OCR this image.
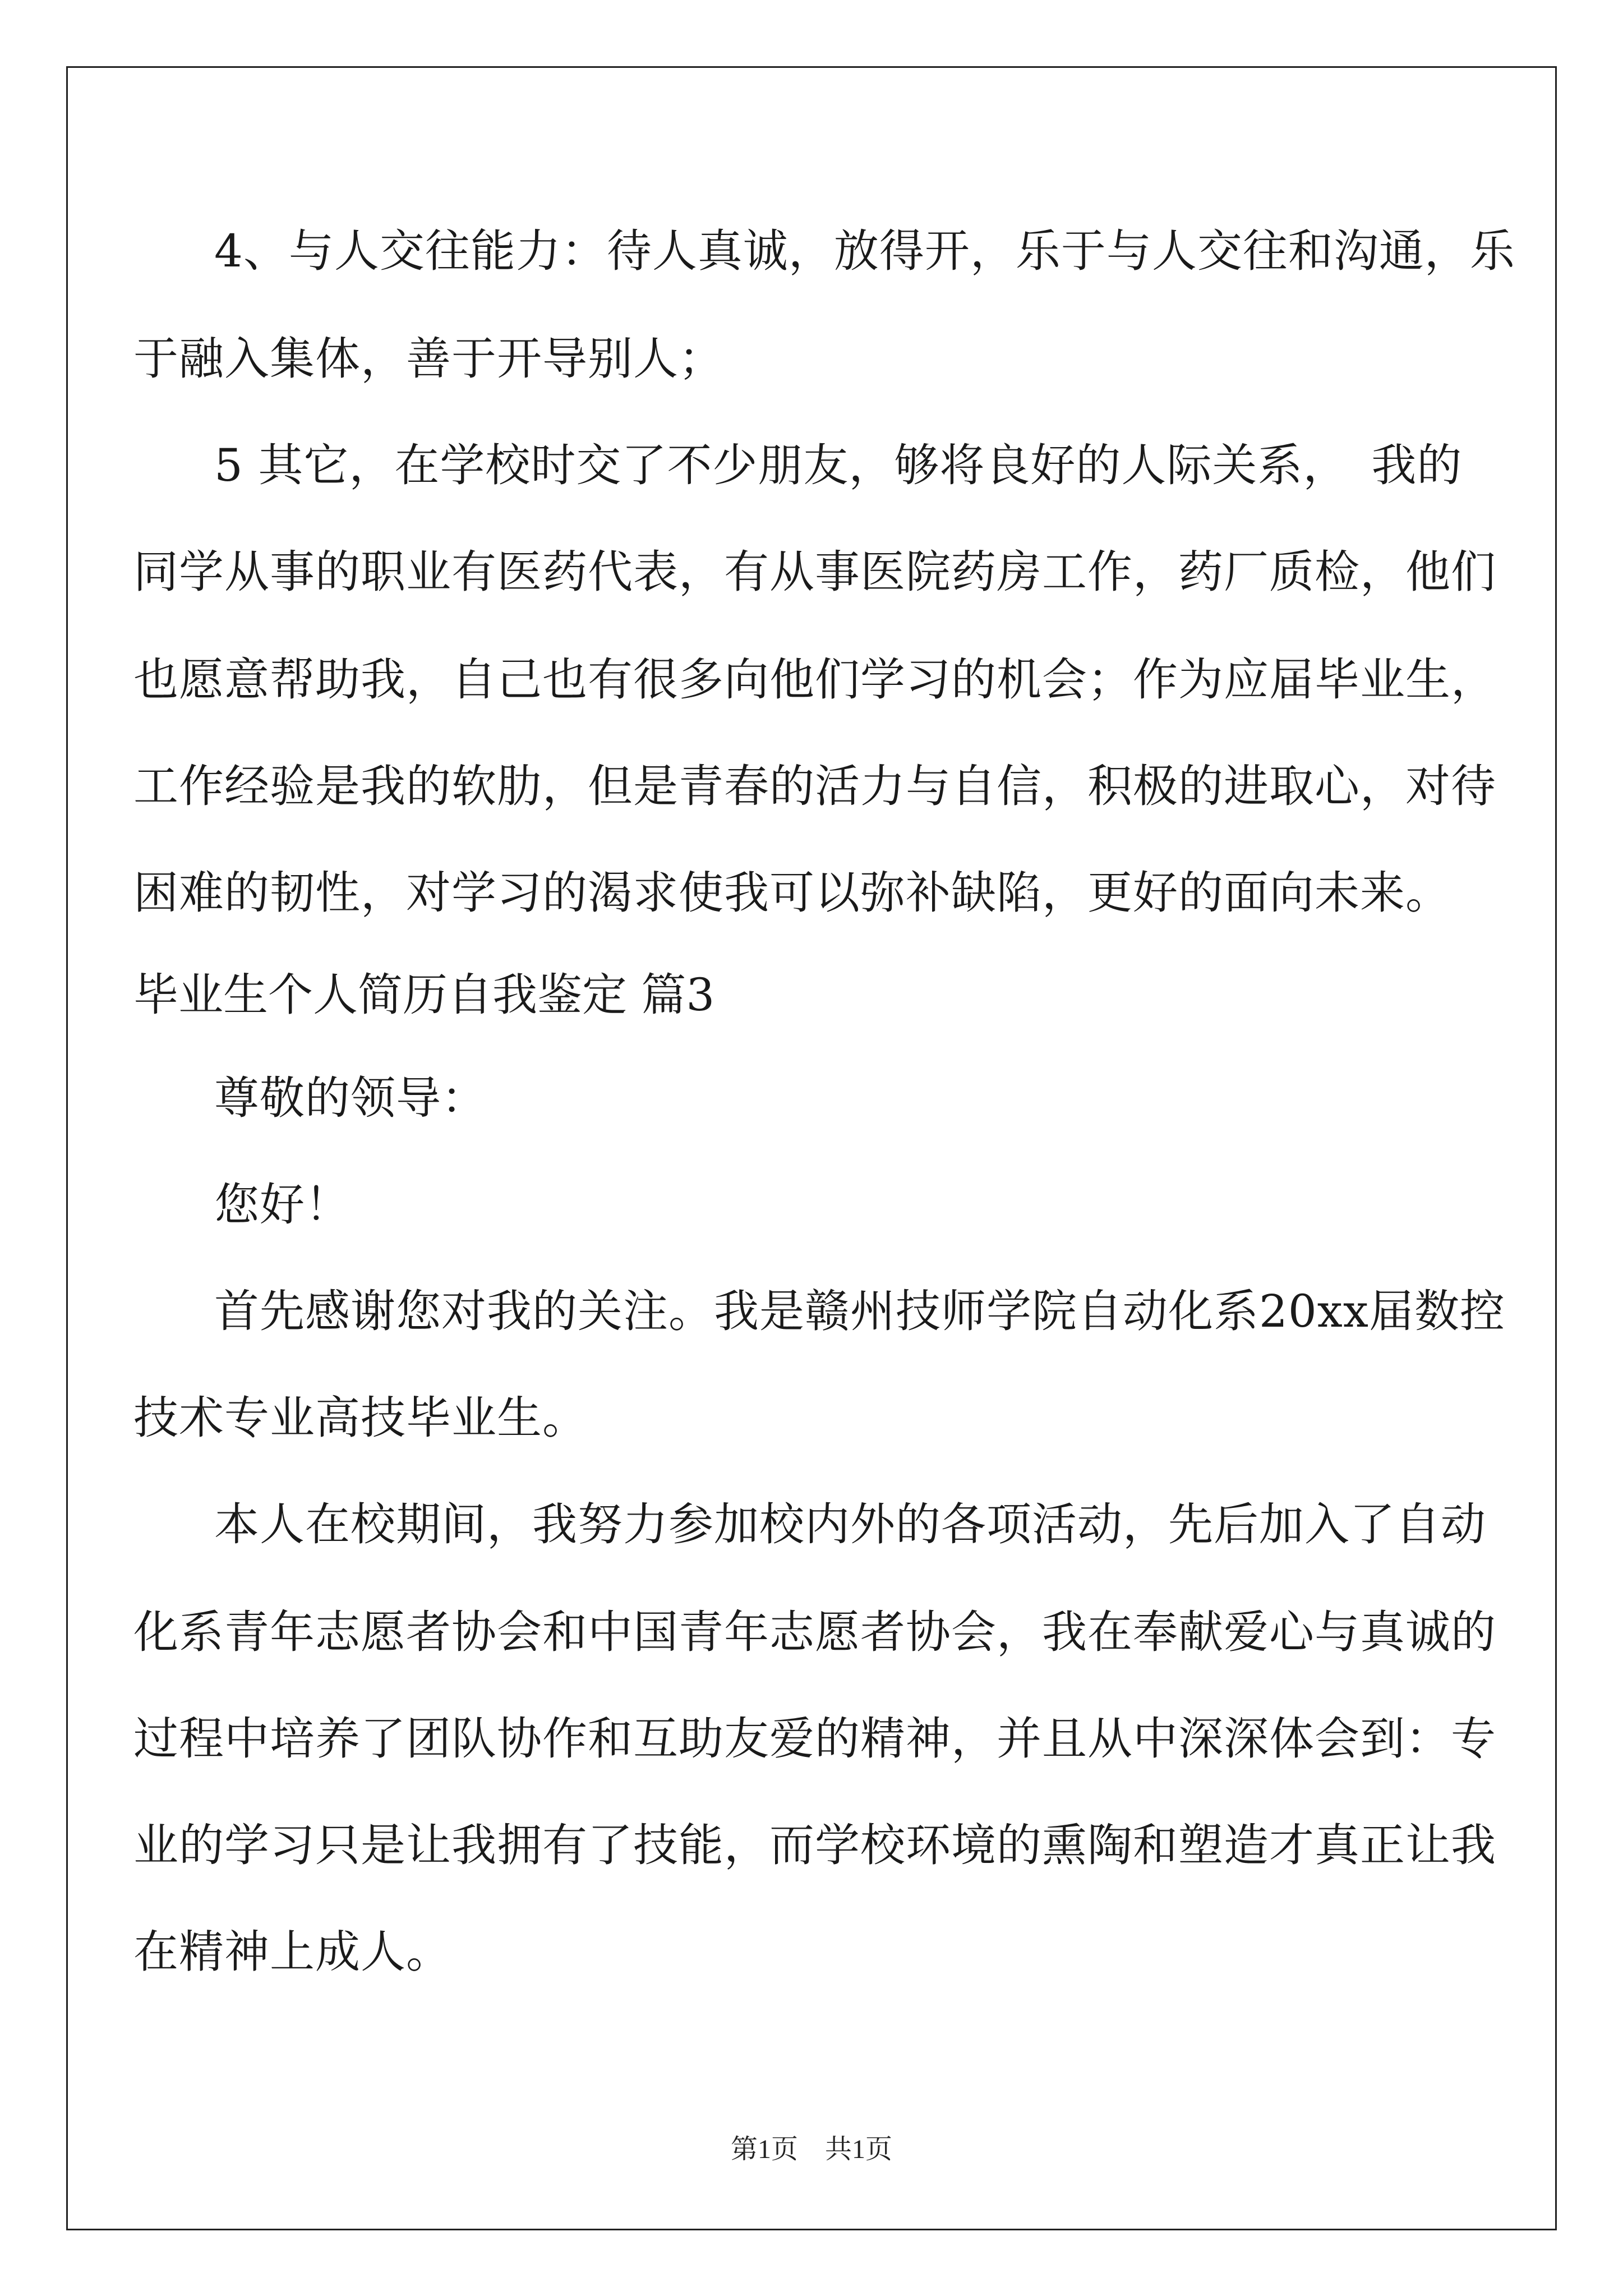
4、与人交往能力：待人真诚，放得开，乐于与人交往和沟通，乐
于融入集体，善于开导别人；
5 其它，在学校时交了不少朋友，够将良好的人际关系，　我的
同学从事的职业有医药代表，有从事医院药房工作，药厂质检，他们
也愿意帮助我，自己也有很多向他们学习的机会；作为应届毕业生，
工作经验是我的软肋，但是青春的活力与自信，积极的进取心，对待
困难的韧性，对学习的渴求使我可以弥补缺陷，更好的面向未来。
毕业生个人简历自我鉴定 篇3
尊敬的领导：
您好！
首先感谢您对我的关注。我是赣州技师学院自动化系20xx届数控
技术专业高技毕业生。
本人在校期间，我努力参加校内外的各项活动，先后加入了自动
化系青年志愿者协会和中国青年志愿者协会，我在奉献爱心与真诚的
过程中培养了团队协作和互助友爱的精神，并且从中深深体会到：专
业的学习只是让我拥有了技能，而学校环境的熏陶和塑造才真正让我
在精神上成人。
第1页 共1页
